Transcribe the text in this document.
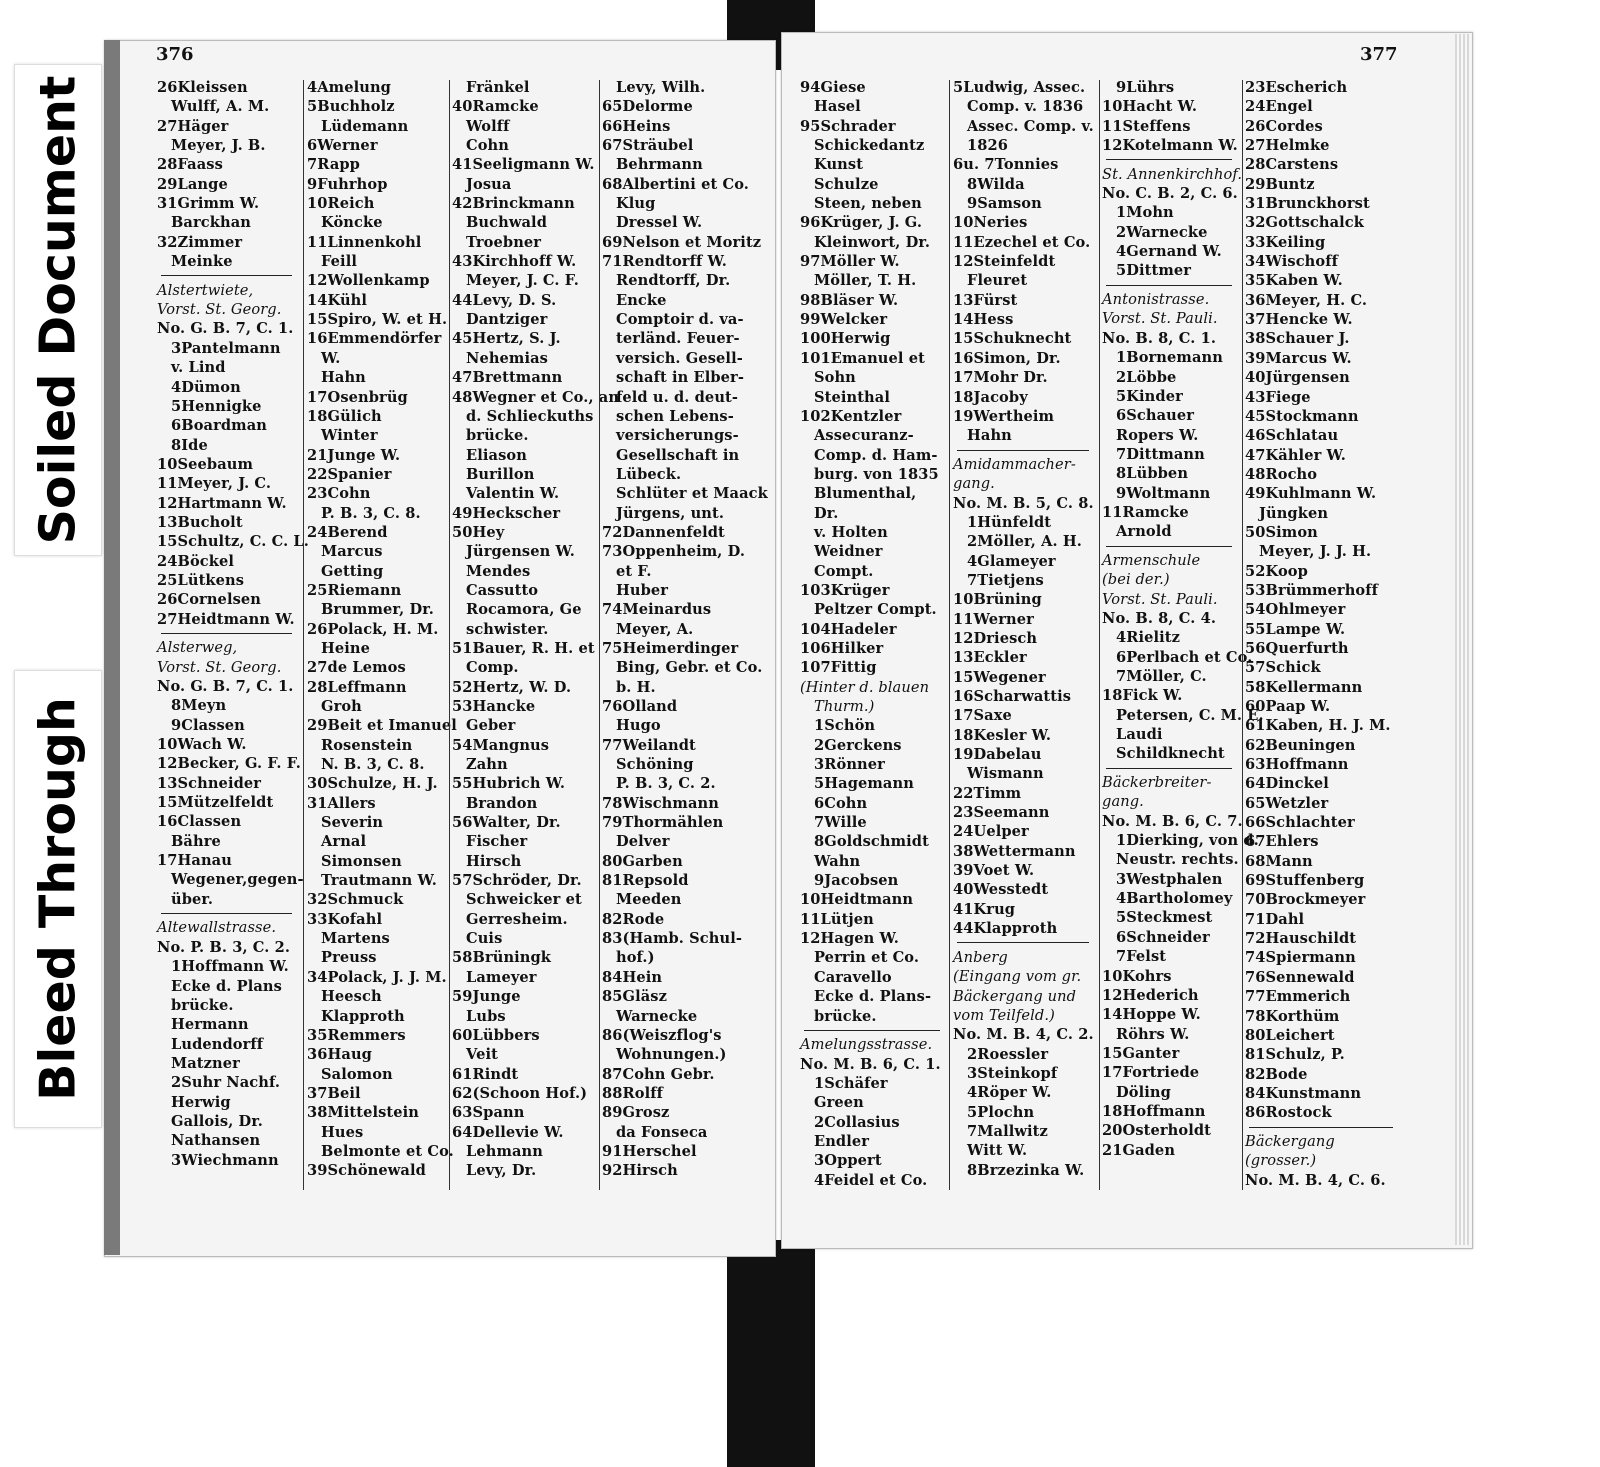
376	377
26Kleissen
Wulff, A. M.
27Häger
Meyer, J. B.
28Faass
29Lange
31Grimm W.
Barckhan
32Zimmer
Meinke
Alstertwiete,
Vorst. St. Georg.
No. G. B. 7, C. 1.
3Pantelmann
v. Lind
4Dümon
5Hennigke
6Boardman
8Ide
10Seebaum
11Meyer, J. C.
12Hartmann W.
13Bucholt
15Schultz, C. C. L.
24Böckel
25Lütkens
26Cornelsen
27Heidtmann W.
Alsterweg,
Vorst. St. Georg.
No. G. B. 7, C. 1.
8Meyn
9Classen
10Wach W.
12Becker, G. F. F.
13Schneider
15Mützelfeldt
16Classen
Bähre
17Hanau
Wegener,gegen-
über.
Altewallstrasse.
No. P. B. 3, C. 2.
1Hoffmann W.
Ecke d. Plans
brücke.
Hermann
Ludendorff
Matzner
2Suhr Nachf.
Herwig
Gallois, Dr.
Nathansen
3Wiechmann
4Amelung
5Buchholz
Lüdemann
6Werner
7Rapp
9Fuhrhop
10Reich
Köncke
11Linnenkohl
Feill
12Wollenkamp
14Kühl
15Spiro, W. et H.
16Emmendörfer
W.
Hahn
17Osenbrüg
18Gülich
Winter
21Junge W.
22Spanier
23Cohn
P. B. 3, C. 8.
24Berend
Marcus
Getting
25Riemann
Brummer, Dr.
26Polack, H. M.
Heine
27de Lemos
28Leffmann
Groh
29Beit et Imanuel
Rosenstein
N. B. 3, C. 8.
30Schulze, H. J.
31Allers
Severin
Arnal
Simonsen
Trautmann W.
32Schmuck
33Kofahl
Martens
Preuss
34Polack, J. J. M.
Heesch
Klapproth
35Remmers
36Haug
Salomon
37Beil
38Mittelstein
Hues
Belmonte et Co.
39Schönewald
Fränkel
40Ramcke
Wolff
Cohn
41Seeligmann W.
Josua
42Brinckmann
Buchwald
Troebner
43Kirchhoff W.
Meyer, J. C. F.
44Levy, D. S.
Dantziger
45Hertz, S. J.
Nehemias
47Brettmann
48Wegner et Co., an
d. Schlieckuths
brücke.
Eliason
Burillon
Valentin W.
49Heckscher
50Hey
Jürgensen W.
Mendes
Cassutto
Rocamora, Ge
schwister.
51Bauer, R. H. et
Comp.
52Hertz, W. D.
53Hancke
Geber
54Mangnus
Zahn
55Hubrich W.
Brandon
56Walter, Dr.
Fischer
Hirsch
57Schröder, Dr.
Schweicker et
Gerresheim.
Cuis
58Brüningk
Lameyer
59Junge
Lubs
60Lübbers
Veit
61Rindt
62(Schoon Hof.)
63Spann
64Dellevie W.
Lehmann
Levy, Dr.
Levy, Wilh.
65Delorme
66Heins
67Sträubel
Behrmann
68Albertini et Co.
Klug
Dressel W.
69Nelson et Moritz
71Rendtorff W.
Rendtorff, Dr.
Encke
Comptoir d. va-
terländ. Feuer-
versich. Gesell-
schaft in Elber-
feld u. d. deut-
schen Lebens-
versicherungs-
Gesellschaft in
Lübeck.
Schlüter et Maack
Jürgens, unt.
72Dannenfeldt
73Oppenheim, D.
et F.
Huber
74Meinardus
Meyer, A.
75Heimerdinger
Bing, Gebr. et Co.
b. H.
76Olland
Hugo
77Weilandt
Schöning
P. B. 3, C. 2.
78Wischmann
79Thormählen
Delver
80Garben
81Repsold
Meeden
82Rode
83(Hamb. Schul-
hof.)
84Hein
85Gläsz
Warnecke
86(Weiszflog's
Wohnungen.)
87Cohn Gebr.
88Rolff
89Grosz
da Fonseca
91Herschel
92Hirsch
94Giese
Hasel
95Schrader
Schickedantz
Kunst
Schulze
Steen, neben
96Krüger, J. G.
Kleinwort, Dr.
97Möller W.
Möller, T. H.
98Bläser W.
99Welcker
100Herwig
101Emanuel et
Sohn
Steinthal
102Kentzler
Assecuranz-
Comp. d. Ham-
burg. von 1835
Blumenthal,
Dr.
v. Holten
Weidner
Compt.
103Krüger
Peltzer Compt.
104Hadeler
106Hilker
107Fittig
(Hinter d. blauen
Thurm.)
1Schön
2Gerckens
3Rönner
5Hagemann
6Cohn
7Wille
8Goldschmidt
Wahn
9Jacobsen
10Heidtmann
11Lütjen
12Hagen W.
Perrin et Co.
Caravello
Ecke d. Plans-
brücke.
Amelungsstrasse.
No. M. B. 6, C. 1.
1Schäfer
Green
2Collasius
Endler
3Oppert
4Feidel et Co.
5Ludwig, Assec.
Comp. v. 1836
Assec. Comp. v.
1826
6u. 7Tonnies
8Wilda
9Samson
10Neries
11Ezechel et Co.
12Steinfeldt
Fleuret
13Fürst
14Hess
15Schuknecht
16Simon, Dr.
17Mohr Dr.
18Jacoby
19Wertheim
Hahn
Amidammacher-
gang.
No. M. B. 5, C. 8.
1Hünfeldt
2Möller, A. H.
4Glameyer
7Tietjens
10Brüning
11Werner
12Driesch
13Eckler
15Wegener
16Scharwattis
17Saxe
18Kesler W.
19Dabelau
Wismann
22Timm
23Seemann
24Uelper
38Wettermann
39Voet W.
40Wesstedt
41Krug
44Klapproth
Anberg
(Eingang vom gr.
Bäckergang und
vom Teilfeld.)
No. M. B. 4, C. 2.
2Roessler
3Steinkopf
4Röper W.
5Plochn
7Mallwitz
Witt W.
8Brzezinka W.
9Lührs
10Hacht W.
11Steffens
12Kotelmann W.
St. Annenkirchhof.
No. C. B. 2, C. 6.
1Mohn
2Warnecke
4Gernand W.
5Dittmer
Antonistrasse.
Vorst. St. Pauli.
No. B. 8, C. 1.
1Bornemann
2Löbbe
5Kinder
6Schauer
Ropers W.
7Dittmann
8Lübben
9Woltmann
11Ramcke
Arnold
Armenschule
(bei der.)
Vorst. St. Pauli.
No. B. 8, C. 4.
4Rielitz
6Perlbach et Co.
7Möller, C.
18Fick W.
Petersen, C. M. E.
Laudi
Schildknecht
Bäckerbreiter-
gang.
No. M. B. 6, C. 7.
1Dierking, von d.
Neustr. rechts.
3Westphalen
4Bartholomey
5Steckmest
6Schneider
7Felst
10Kohrs
12Hederich
14Hoppe W.
Röhrs W.
15Ganter
17Fortriede
Döling
18Hoffmann
20Osterholdt
21Gaden
23Escherich
24Engel
26Cordes
27Helmke
28Carstens
29Buntz
31Brunckhorst
32Gottschalck
33Keiling
34Wischoff
35Kaben W.
36Meyer, H. C.
37Hencke W.
38Schauer J.
39Marcus W.
40Jürgensen
43Fiege
45Stockmann
46Schlatau
47Kähler W.
48Rocho
49Kuhlmann W.
Jüngken
50Simon
Meyer, J. J. H.
52Koop
53Brümmerhoff
54Ohlmeyer
55Lampe W.
56Querfurth
57Schick
58Kellermann
60Paap W.
61Kaben, H. J. M.
62Beuningen
63Hoffmann
64Dinckel
65Wetzler
66Schlachter
67Ehlers
68Mann
69Stuffenberg
70Brockmeyer
71Dahl
72Hauschildt
74Spiermann
76Sennewald
77Emmerich
78Korthüm
80Leichert
81Schulz, P.
82Bode
84Kunstmann
86Rostock
Bäckergang
(grosser.)
No. M. B. 4, C. 6.
Soiled Document
Bleed Through
